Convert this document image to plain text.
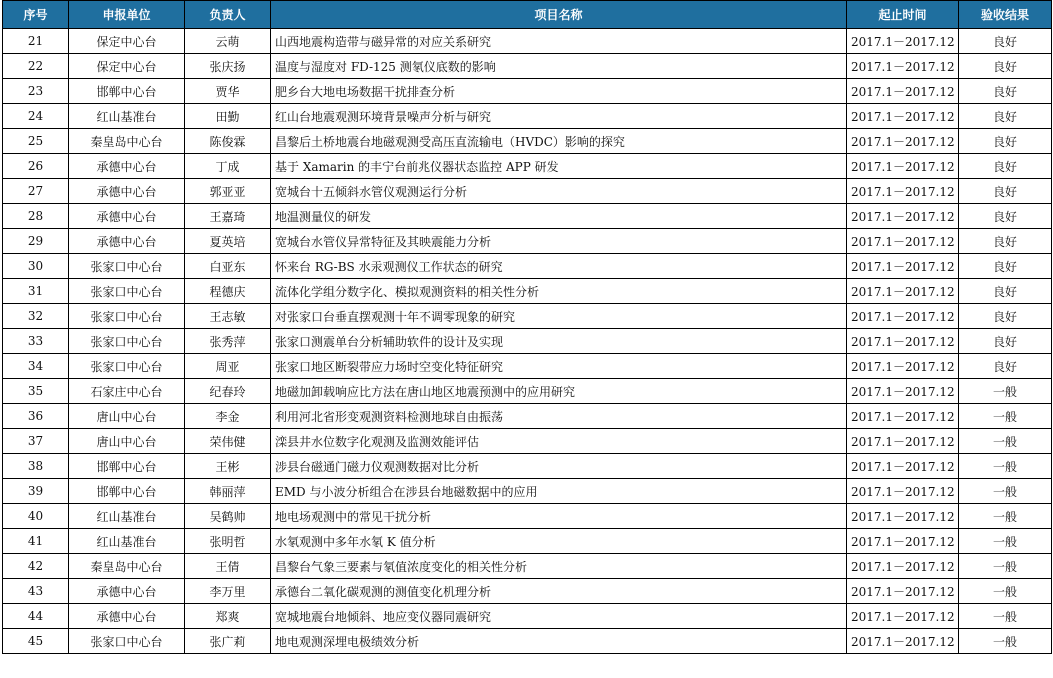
序号	申报单位	负责人	项目名称	起止时间	验收结果
21	保定中心台	云萌	山西地震构造带与磁异常的对应关系研究	2017.1－2017.12	良好
22	保定中心台	张庆扬	温度与湿度对 FD-125 测氡仪底数的影响	2017.1－2017.12	良好
23	邯郸中心台	贾华	肥乡台大地电场数据干扰排查分析	2017.1－2017.12	良好
24	红山基准台	田勤	红山台地震观测环境背景噪声分析与研究	2017.1－2017.12	良好
25	秦皇岛中心台	陈俊霖	昌黎后土桥地震台地磁观测受高压直流输电（HVDC）影响的探究	2017.1－2017.12	良好
26	承德中心台	丁成	基于 Xamarin 的丰宁台前兆仪器状态监控 APP 研发	2017.1－2017.12	良好
27	承德中心台	郭亚亚	宽城台十五倾斜水管仪观测运行分析	2017.1－2017.12	良好
28	承德中心台	王嘉琦	地温测量仪的研发	2017.1－2017.12	良好
29	承德中心台	夏英培	宽城台水管仪异常特征及其映震能力分析	2017.1－2017.12	良好
30	张家口中心台	白亚东	怀来台 RG-BS 水汞观测仪工作状态的研究	2017.1－2017.12	良好
31	张家口中心台	程德庆	流体化学组分数字化、模拟观测资料的相关性分析	2017.1－2017.12	良好
32	张家口中心台	王志敏	对张家口台垂直摆观测十年不调零现象的研究	2017.1－2017.12	良好
33	张家口中心台	张秀萍	张家口测震单台分析辅助软件的设计及实现	2017.1－2017.12	良好
34	张家口中心台	周亚	张家口地区断裂带应力场时空变化特征研究	2017.1－2017.12	良好
35	石家庄中心台	纪春玲	地磁加卸载响应比方法在唐山地区地震预测中的应用研究	2017.1－2017.12	一般
36	唐山中心台	李金	利用河北省形变观测资料检测地球自由振荡	2017.1－2017.12	一般
37	唐山中心台	荣伟健	滦县井水位数字化观测及监测效能评估	2017.1－2017.12	一般
38	邯郸中心台	王彬	涉县台磁通门磁力仪观测数据对比分析	2017.1－2017.12	一般
39	邯郸中心台	韩丽萍	EMD 与小波分析组合在涉县台地磁数据中的应用	2017.1－2017.12	一般
40	红山基准台	吴鹤帅	地电场观测中的常见干扰分析	2017.1－2017.12	一般
41	红山基准台	张明哲	水氡观测中多年水氡 K 值分析	2017.1－2017.12	一般
42	秦皇岛中心台	王倩	昌黎台气象三要素与氡值浓度变化的相关性分析	2017.1－2017.12	一般
43	承德中心台	李万里	承德台二氧化碳观测的测值变化机理分析	2017.1－2017.12	一般
44	承德中心台	郑爽	宽城地震台地倾斜、地应变仪器同震研究	2017.1－2017.12	一般
45	张家口中心台	张广莉	地电观测深埋电极绩效分析	2017.1－2017.12	一般
